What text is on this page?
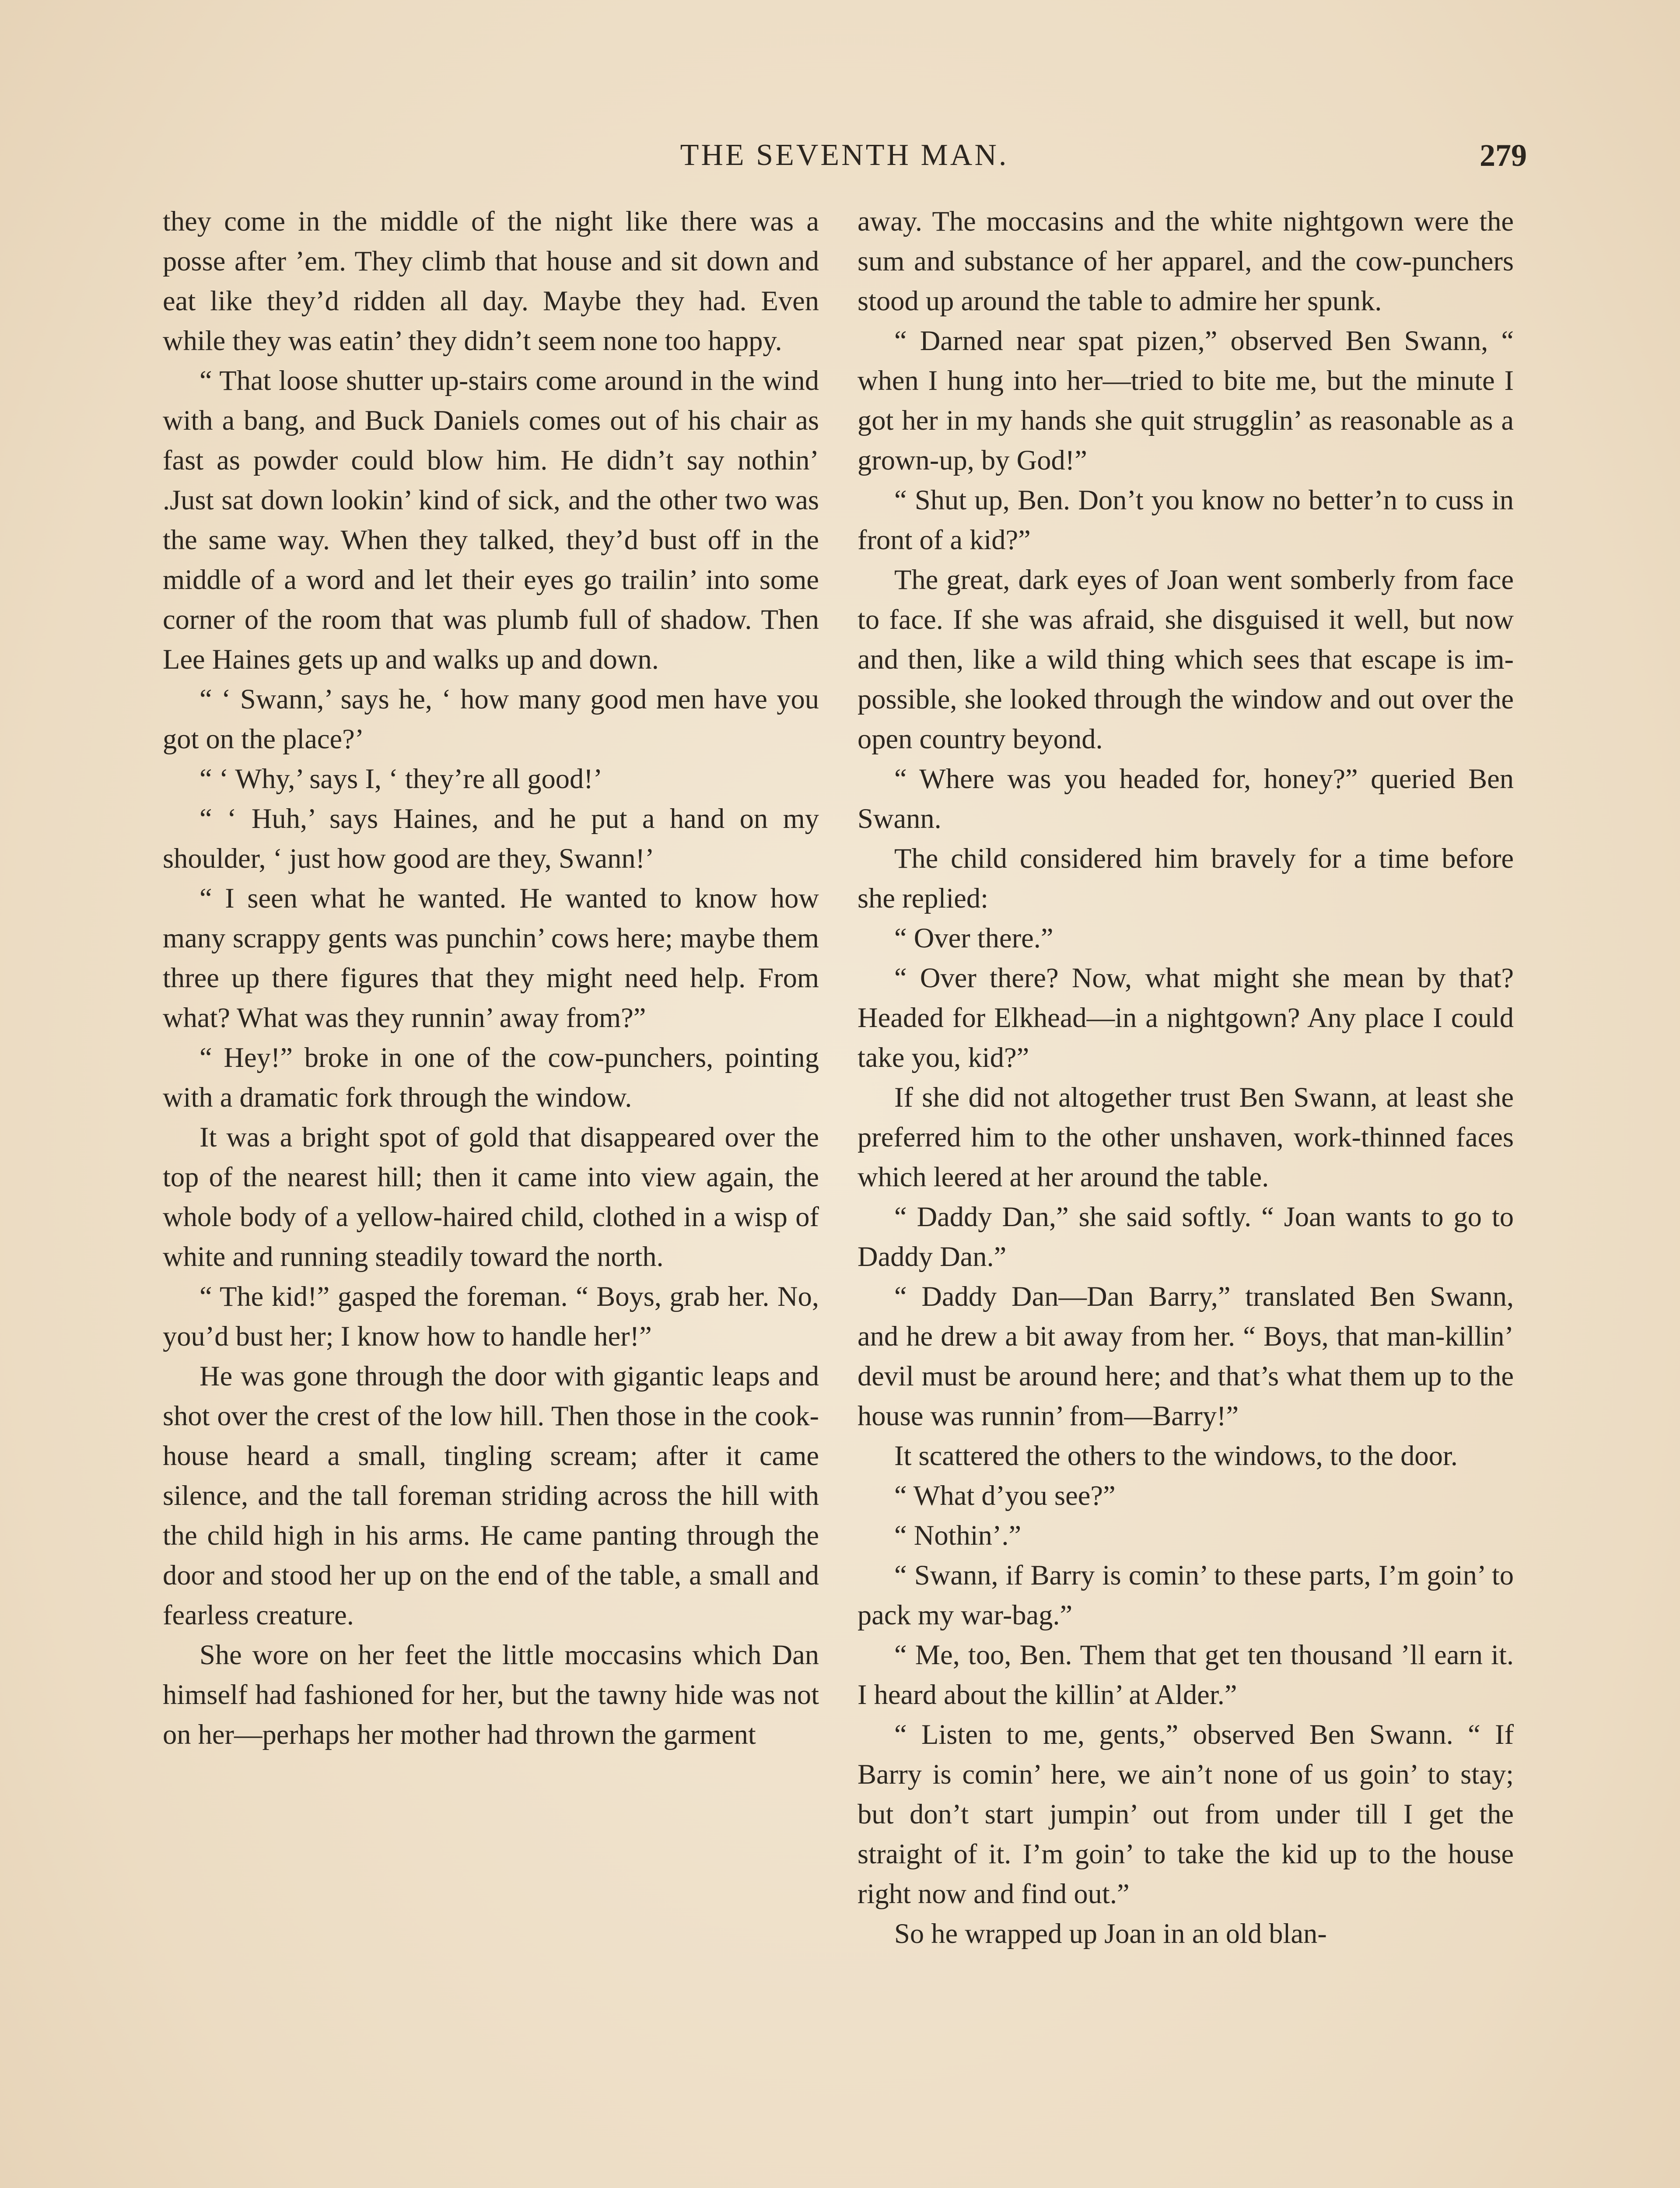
THE SEVENTH MAN.	279

they come in the middle of the night like there was a posse after ’em. They climb that house and sit down and eat like they’d ridden all day. Maybe they had. Even while they was eatin’ they didn’t seem none too happy.

“ That loose shutter up-stairs come around in the wind with a bang, and Buck Daniels comes out of his chair as fast as powder could blow him. He didn’t say nothin’ .Just sat down lookin’ kind of sick, and the other two was the same way. When they talked, they’d bust off in the middle of a word and let their eyes go trailin’ into some corner of the room that was plumb full of shadow. Then Lee Haines gets up and walks up and down.

“ ‘ Swann,’ says he, ‘ how many good men have you got on the place?’

“ ‘ Why,’ says I, ‘ they’re all good!’

“ ‘ Huh,’ says Haines, and he put a hand on my shoulder, ‘ just how good are they, Swann!’

“ I seen what he wanted. He wanted to know how many scrappy gents was punchin’ cows here; maybe them three up there figures that they might need help. From what? What was they runnin’ away from?”

“ Hey!” broke in one of the cow-punchers, pointing with a dramatic fork through the window.

It was a bright spot of gold that disappeared over the top of the nearest hill; then it came into view again, the whole body of a yellow-haired child, clothed in a wisp of white and running steadily toward the north.

“ The kid!” gasped the foreman. “ Boys, grab her. No, you’d bust her; I know how to handle her!”

He was gone through the door with gigantic leaps and shot over the crest of the low hill. Then those in the cook-house heard a small, tingling scream; after it came silence, and the tall foreman striding across the hill with the child high in his arms. He came panting through the door and stood her up on the end of the table, a small and fearless creature.

She wore on her feet the little moccasins which Dan himself had fashioned for her, but the tawny hide was not on her—perhaps her mother had thrown the garment

away. The moccasins and the white nightgown were the sum and substance of her apparel, and the cow-punchers stood up around the table to admire her spunk.

“ Darned near spat pizen,” observed Ben Swann, “ when I hung into her—tried to bite me, but the minute I got her in my hands she quit strugglin’ as reasonable as a grown-up, by God!”

“ Shut up, Ben. Don’t you know no better’n to cuss in front of a kid?”

The great, dark eyes of Joan went somberly from face to face. If she was afraid, she disguised it well, but now and then, like a wild thing which sees that escape is impossible, she looked through the window and out over the open country beyond.

“ Where was you headed for, honey?” queried Ben Swann.

The child considered him bravely for a time before she replied:

“ Over there.”

“ Over there? Now, what might she mean by that? Headed for Elkhead—in a nightgown? Any place I could take you, kid?”

If she did not altogether trust Ben Swann, at least she preferred him to the other unshaven, work-thinned faces which leered at her around the table.

“ Daddy Dan,” she said softly. “ Joan wants to go to Daddy Dan.”

“ Daddy Dan—Dan Barry,” translated Ben Swann, and he drew a bit away from her. “ Boys, that man-killin’ devil must be around here; and that’s what them up to the house was runnin’ from—Barry!”

It scattered the others to the windows, to the door.

“ What d’you see?”

“ Nothin’.”

“ Swann, if Barry is comin’ to these parts, I’m goin’ to pack my war-bag.”

“ Me, too, Ben. Them that get ten thousand ’ll earn it. I heard about the killin’ at Alder.”

“ Listen to me, gents,” observed Ben Swann. “ If Barry is comin’ here, we ain’t none of us goin’ to stay; but don’t start jumpin’ out from under till I get the straight of it. I’m goin’ to take the kid up to the house right now and find out.”

So he wrapped up Joan in an old blan-
